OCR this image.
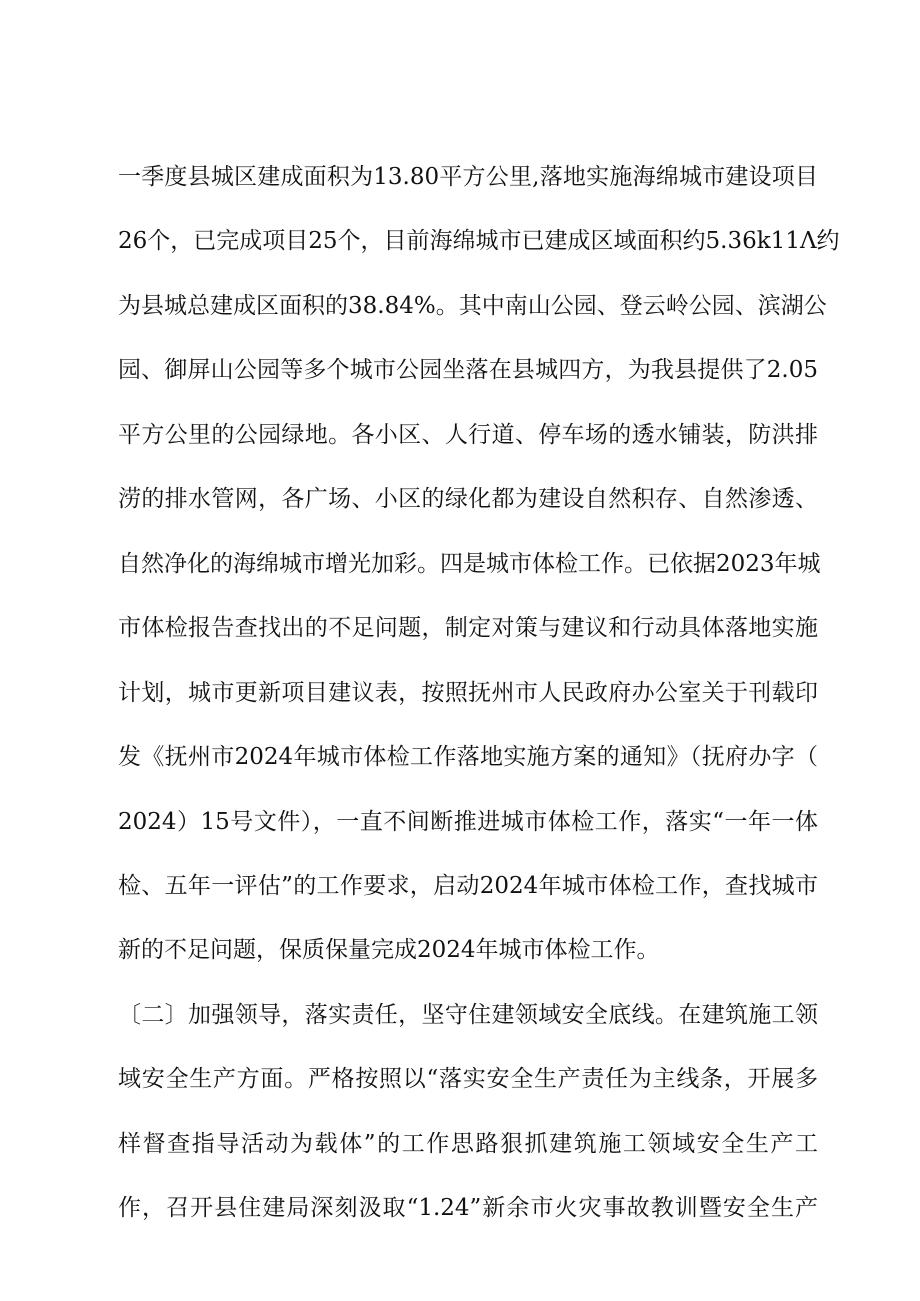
一季度县城区建成面积为13.80平方公里,落地实施海绵城市建设项目
26个，已完成项目25个，目前海绵城市已建成区域面积约5.36k11Λ约
为县城总建成区面积的38.84%。其中南山公园、登云岭公园、滨湖公
园、御屏山公园等多个城市公园坐落在县城四方，为我县提供了2.05
平方公里的公园绿地。各小区、人行道、停车场的透水铺装，防洪排
涝的排水管网，各广场、小区的绿化都为建设自然积存、自然渗透、
自然净化的海绵城市增光加彩。四是城市体检工作。已依据2023年城
市体检报告查找出的不足问题，制定对策与建议和行动具体落地实施
计划，城市更新项目建议表，按照抚州市人民政府办公室关于刊载印
发《抚州市2024年城市体检工作落地实施方案的通知》（抚府办字（
2024）15号文件），一直不间断推进城市体检工作，落实“一年一体
检、五年一评估”的工作要求，启动2024年城市体检工作，查找城市
新的不足问题，保质保量完成2024年城市体检工作。
〔二〕加强领导，落实责任，坚守住建领域安全底线。在建筑施工领
域安全生产方面。严格按照以“落实安全生产责任为主线条，开展多
样督查指导活动为载体”的工作思路狠抓建筑施工领域安全生产工
作，召开县住建局深刻汲取“1.24”新余市火灾事故教训暨安全生产
